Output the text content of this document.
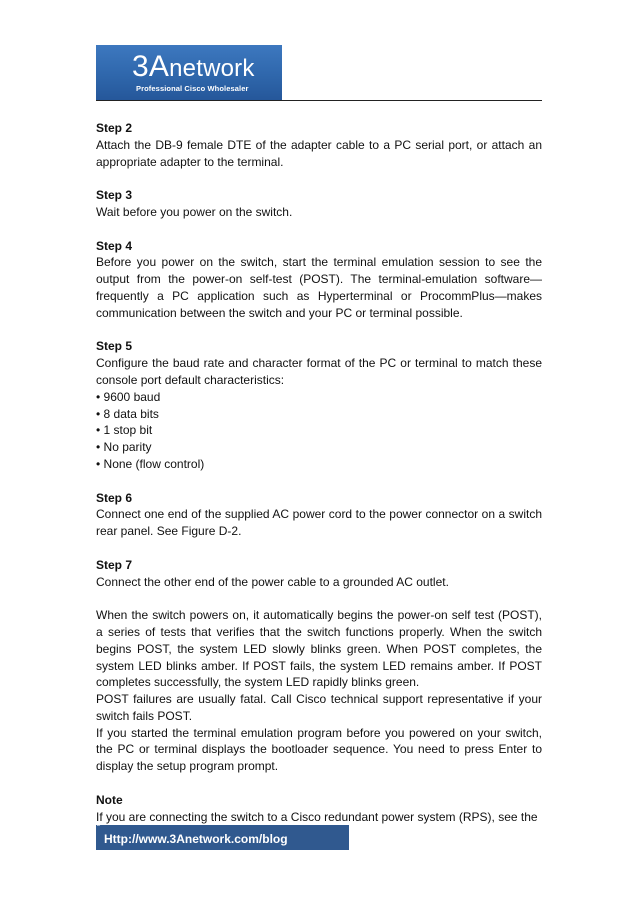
3Anetwork
Professional Cisco Wholesaler

Step 2

Attach the DB-9 female DTE of the adapter cable to a PC serial port, or attach an appropriate adapter to the terminal.

Step 3

Wait before you power on the switch.

Step 4

Before you power on the switch, start the terminal emulation session to see the output from the power-on self-test (POST). The terminal-emulation software—frequently a PC application such as Hyperterminal or ProcommPlus—makes communication between the switch and your PC or terminal possible.

Step 5

Configure the baud rate and character format of the PC or terminal to match these console port default characteristics:

• 9600 baud
• 8 data bits
• 1 stop bit
• No parity
• None (flow control)

Step 6

Connect one end of the supplied AC power cord to the power connector on a switch rear panel. See Figure D-2.

Step 7

Connect the other end of the power cable to a grounded AC outlet.

When the switch powers on, it automatically begins the power-on self test (POST), a series of tests that verifies that the switch functions properly. When the switch begins POST, the system LED slowly blinks green. When POST completes, the system LED blinks amber. If POST fails, the system LED remains amber. If POST completes successfully, the system LED rapidly blinks green.

POST failures are usually fatal. Call Cisco technical support representative if your switch fails POST.

If you started the terminal emulation program before you powered on your switch, the PC or terminal displays the bootloader sequence. You need to press Enter to display the setup program prompt.

Note

If you are connecting the switch to a Cisco redundant power system (RPS), see the

Http://www.3Anetwork.com/blog
2
